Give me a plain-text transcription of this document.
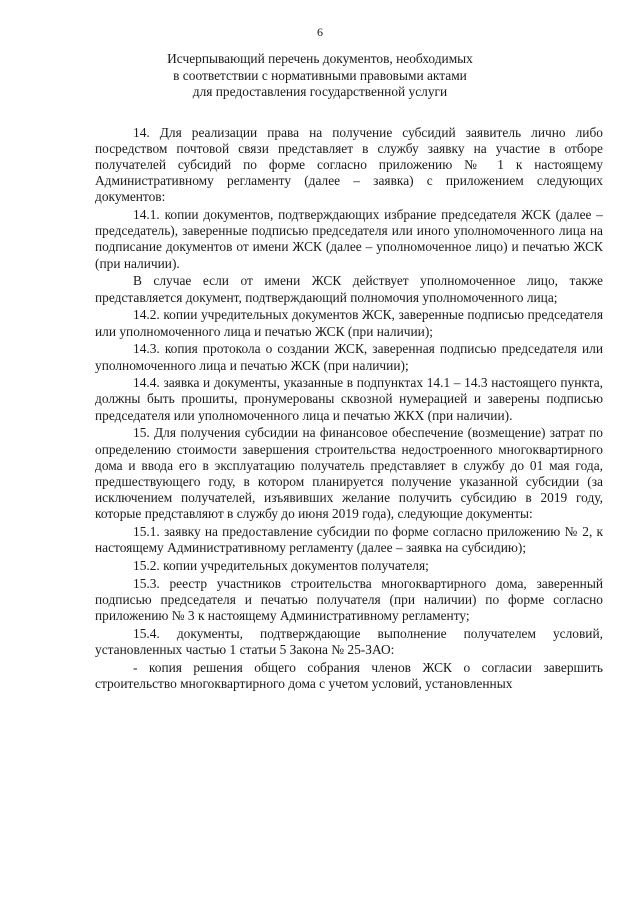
6
Исчерпывающий перечень документов, необходимых
в соответствии с нормативными правовыми актами
для предоставления государственной услуги

14. Для реализации права на получение субсидий заявитель лично либо посредством почтовой связи представляет в службу заявку на участие в отборе получателей субсидий по форме согласно приложению № 1 к настоящему Административному регламенту (далее – заявка) с приложением следующих документов:

14.1. копии документов, подтверждающих избрание председателя ЖСК (далее – председатель), заверенные подписью председателя или иного уполномоченного лица на подписание документов от имени ЖСК (далее – уполномоченное лицо) и печатью ЖСК (при наличии).

В случае если от имени ЖСК действует уполномоченное лицо, также представляется документ, подтверждающий полномочия уполномоченного лица;

14.2. копии учредительных документов ЖСК, заверенные подписью председателя или уполномоченного лица и печатью ЖСК (при наличии);

14.3. копия протокола о создании ЖСК, заверенная подписью председателя или уполномоченного лица и печатью ЖСК (при наличии);

14.4. заявка и документы, указанные в подпунктах 14.1 – 14.3 настоящего пункта, должны быть прошиты, пронумерованы сквозной нумерацией и заверены подписью председателя или уполномоченного лица и печатью ЖКХ (при наличии).

15. Для получения субсидии на финансовое обеспечение (возмещение) затрат по определению стоимости завершения строительства недостроенного многоквартирного дома и ввода его в эксплуатацию получатель представляет в службу до 01 мая года, предшествующего году, в котором планируется получение указанной субсидии (за исключением получателей, изъявивших желание получить субсидию в 2019 году, которые представляют в службу до июня 2019 года), следующие документы:

15.1. заявку на предоставление субсидии по форме согласно приложению № 2, к настоящему Административному регламенту (далее – заявка на субсидию);

15.2. копии учредительных документов получателя;

15.3. реестр участников строительства многоквартирного дома, заверенный подписью председателя и печатью получателя (при наличии) по форме согласно приложению № 3 к настоящему Административному регламенту;

15.4. документы, подтверждающие выполнение получателем условий, установленных частью 1 статьи 5 Закона № 25-ЗАО:

- копия решения общего собрания членов ЖСК о согласии завершить строительство многоквартирного дома с учетом условий, установленных
